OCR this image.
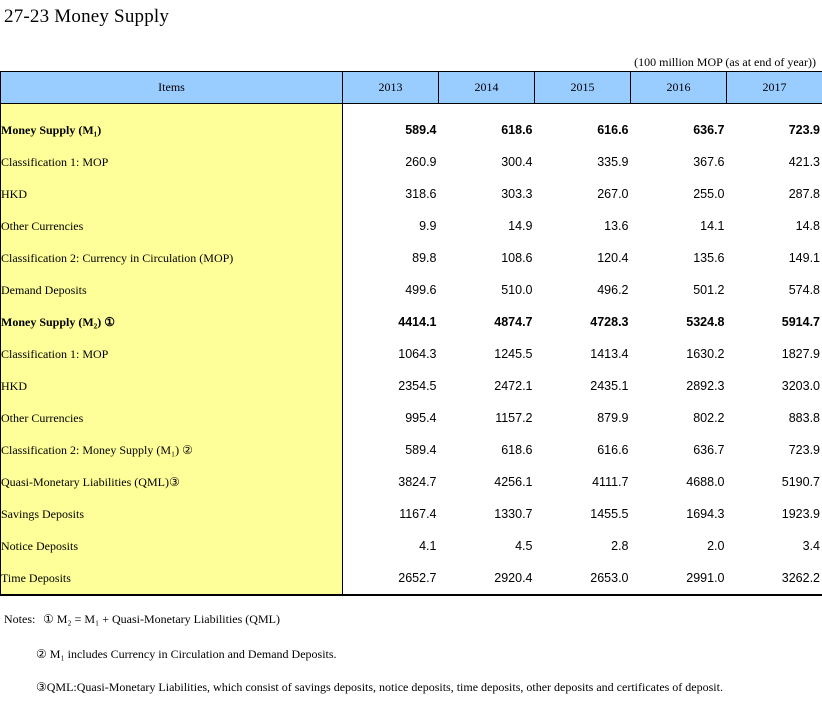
27-23 Money Supply
(100 million MOP (as at end of year))
Items	2013	2014	2015	2016	2017

Money Supply (M₁)	589.4	618.6	616.6	636.7	723.9
Classification 1: MOP	260.9	300.4	335.9	367.6	421.3
HKD	318.6	303.3	267.0	255.0	287.8
Other Currencies	9.9	14.9	13.6	14.1	14.8
Classification 2: Currency in Circulation (MOP)	89.8	108.6	120.4	135.6	149.1
Demand Deposits	499.6	510.0	496.2	501.2	574.8
Money Supply (M₂) ①	4414.1	4874.7	4728.3	5324.8	5914.7
Classification 1: MOP	1064.3	1245.5	1413.4	1630.2	1827.9
HKD	2354.5	2472.1	2435.1	2892.3	3203.0
Other Currencies	995.4	1157.2	879.9	802.2	883.8
Classification 2: Money Supply (M₁) ②	589.4	618.6	616.6	636.7	723.9
Quasi-Monetary Liabilities (QML)③	3824.7	4256.1	4111.7	4688.0	5190.7
Savings Deposits	1167.4	1330.7	1455.5	1694.3	1923.9
Notice Deposits	4.1	4.5	2.8	2.0	3.4
Time Deposits	2652.7	2920.4	2653.0	2991.0	3262.2
Notes: ① M₂ = M₁ + Quasi-Monetary Liabilities (QML)
② M₁ includes Currency in Circulation and Demand Deposits.
③QML:Quasi-Monetary Liabilities, which consist of savings deposits, notice deposits, time deposits, other deposits and certificates of deposit.
